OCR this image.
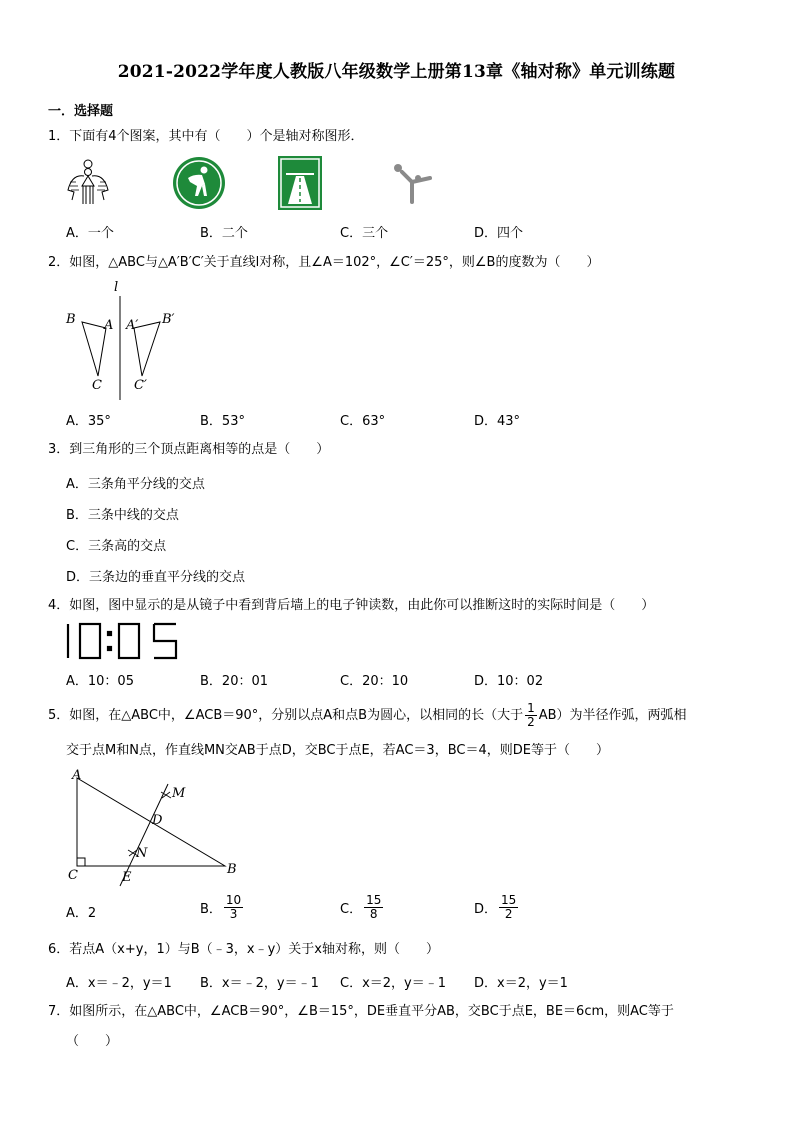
2021-2022学年度人教版八年级数学上册第13章《轴对称》单元训练题
一．选择题
1．下面有4个图案，其中有（　　）个是轴对称图形．
A．一个	B．二个	C．三个	D．四个
2．如图，△ABC与△A′B′C′关于直线l对称，且∠A＝102°，∠C′＝25°，则∠B的度数为（　　）
l
B A
C
A′ B′
C′
A．35°	B．53°	C．63°	D．43°
3．到三角形的三个顶点距离相等的点是（　　）
A．三条角平分线的交点
B．三条中线的交点
C．三条高的交点
D．三条边的垂直平分线的交点
4．如图，图中显示的是从镜子中看到背后墙上的电子钟读数，由此你可以推断这时的实际时间是（　　）
A．10：05	B．20：01	C．20：10	D．10：02
5．如图，在△ABC中，∠ACB＝90°，分别以点A和点B为圆心，以相同的长（大于 $\frac{1}{2} AB$）为半径作弧，两弧相
交于点M和N点，作直线MN交AB于点D，交BC于点E，若AC＝3，BC＝4，则DE等于（　　）
A
M
D
N
B
C	E
A．2	B． $\frac{10}{3}$	C． $\frac{15}{8}$	D． $\frac{15}{2}$
6．若点A（x+y，1）与B（﹣3，x﹣y）关于x轴对称，则（　　）
A．x＝﹣2，y＝1 B．x＝﹣2，y＝﹣1 C．x＝2，y＝﹣1 D．x＝2，y＝1
7．如图所示，在△ABC中，∠ACB＝90°，∠B＝15°，DE垂直平分AB，交BC于点E，BE＝6cm，则AC等于
（　　）
